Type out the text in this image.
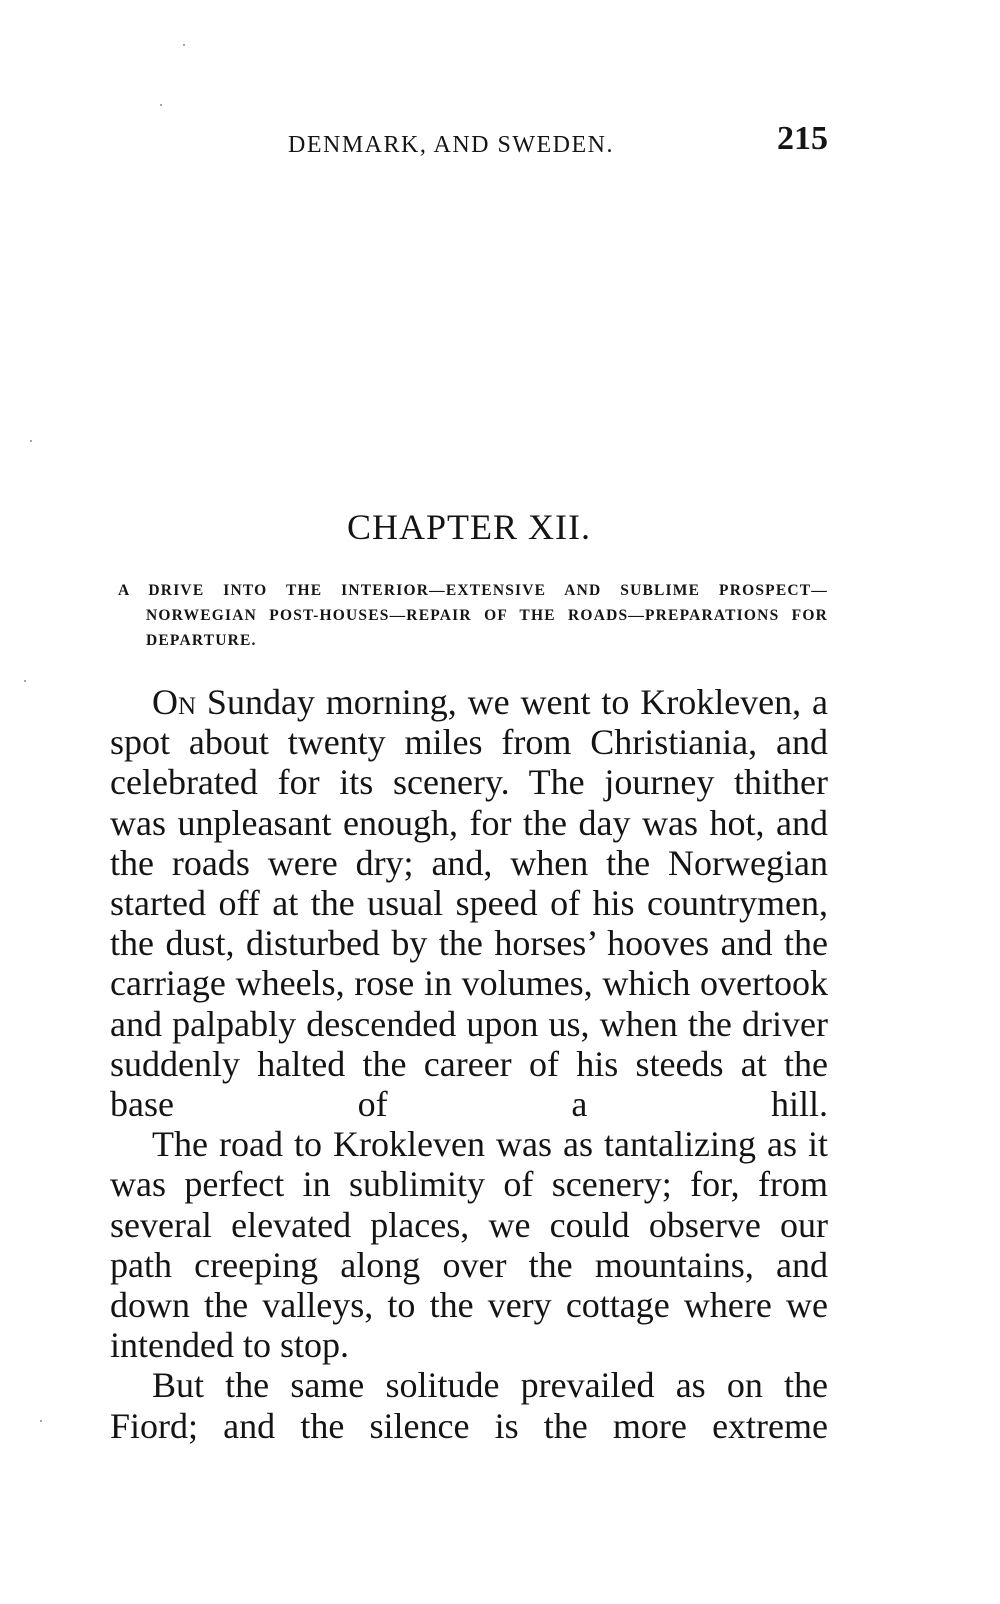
DENMARK, AND SWEDEN.	215
CHAPTER XII.
A DRIVE INTO THE INTERIOR—EXTENSIVE AND SUBLIME PROSPECT—NORWEGIAN POST-HOUSES—REPAIR OF THE ROADS—PREPARATIONS FOR DEPARTURE.

On Sunday morning, we went to Krokleven, a spot about twenty miles from Christiania, and celebrated for its scenery. The journey thither was unpleasant enough, for the day was hot, and the roads were dry; and, when the Norwegian started off at the usual speed of his countrymen, the dust, disturbed by the horses’ hooves and the carriage wheels, rose in volumes, which overtook and palpably descended upon us, when the driver suddenly halted the career of his steeds at the base of a hill.

The road to Krokleven was as tantalizing as it was perfect in sublimity of scenery; for, from several elevated places, we could observe our path creeping along over the mountains, and down the valleys, to the very cottage where we intended to stop.

But the same solitude prevailed as on the Fiord; and the silence is the more extreme
